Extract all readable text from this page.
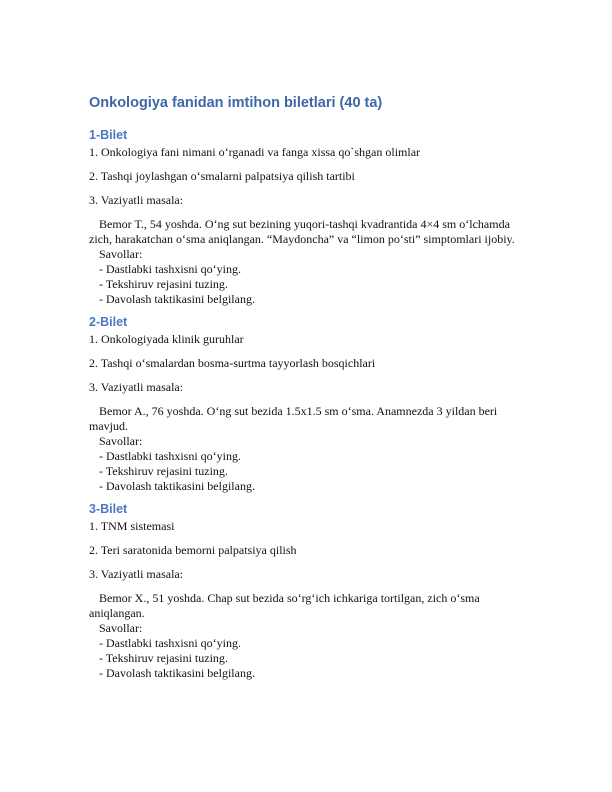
Onkologiya fanidan imtihon biletlari (40 ta)
1-Bilet

1. Onkologiya fani nimani o‘rganadi va fanga xissa qo`shgan olimlar

2. Tashqi joylashgan o‘smalarni palpatsiya qilish tartibi

3. Vaziyatli masala:

Bemor T., 54 yoshda. O‘ng sut bezining yuqori-tashqi kvadrantida 4×4 sm o‘lchamda zich, harakatchan o‘sma aniqlangan. “Maydoncha” va “limon po‘sti” simptomlari ijobiy.

Savollar:

- Dastlabki tashxisni qo‘ying.

- Tekshiruv rejasini tuzing.

- Davolash taktikasini belgilang.

2-Bilet

1. Onkologiyada klinik guruhlar

2. Tashqi o‘smalardan bosma-surtma tayyorlash bosqichlari

3. Vaziyatli masala:

Bemor A., 76 yoshda. O‘ng sut bezida 1.5x1.5 sm o‘sma. Anamnezda 3 yildan beri mavjud.

Savollar:

- Dastlabki tashxisni qo‘ying.

- Tekshiruv rejasini tuzing.

- Davolash taktikasini belgilang.

3-Bilet

1. TNM sistemasi

2. Teri saratonida bemorni palpatsiya qilish

3. Vaziyatli masala:

Bemor X., 51 yoshda. Chap sut bezida so‘rg‘ich ichkariga tortilgan, zich o‘sma aniqlangan.

Savollar:

- Dastlabki tashxisni qo‘ying.

- Tekshiruv rejasini tuzing.

- Davolash taktikasini belgilang.
